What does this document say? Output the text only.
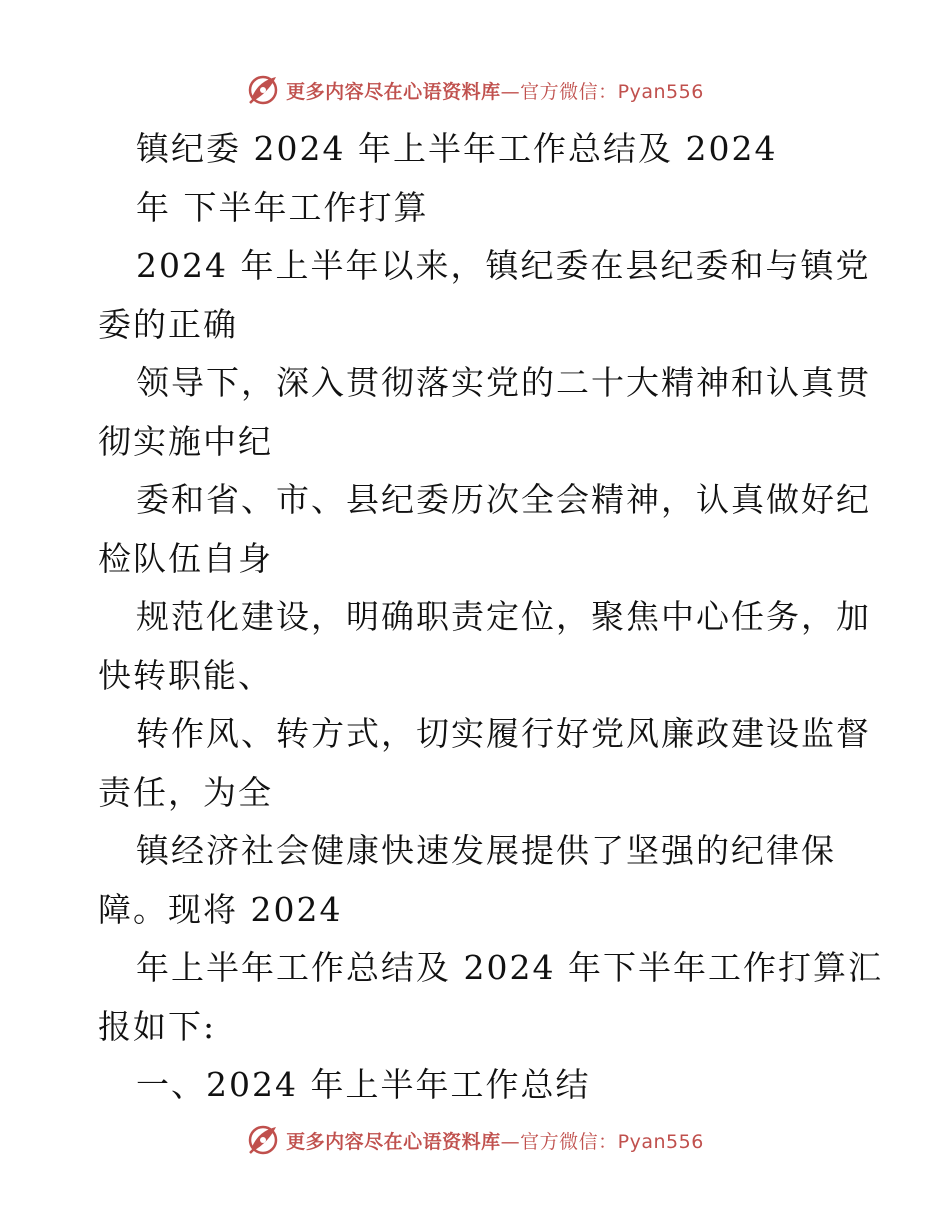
更多内容尽在心语资料库—官方微信：Pyan556
镇纪委 2024 年上半年工作总结及 2024
年 下半年工作打算
2024 年上半年以来，镇纪委在县纪委和与镇党
委的正确
领导下，深入贯彻落实党的二十大精神和认真贯
彻实施中纪
委和省、市、县纪委历次全会精神，认真做好纪
检队伍自身
规范化建设，明确职责定位，聚焦中心任务，加
快转职能、
转作风、转方式，切实履行好党风廉政建设监督
责任，为全
镇经济社会健康快速发展提供了坚强的纪律保
障。现将 2024
年上半年工作总结及 2024 年下半年工作打算汇
报如下:
一、2024 年上半年工作总结
更多内容尽在心语资料库—官方微信：Pyan556
